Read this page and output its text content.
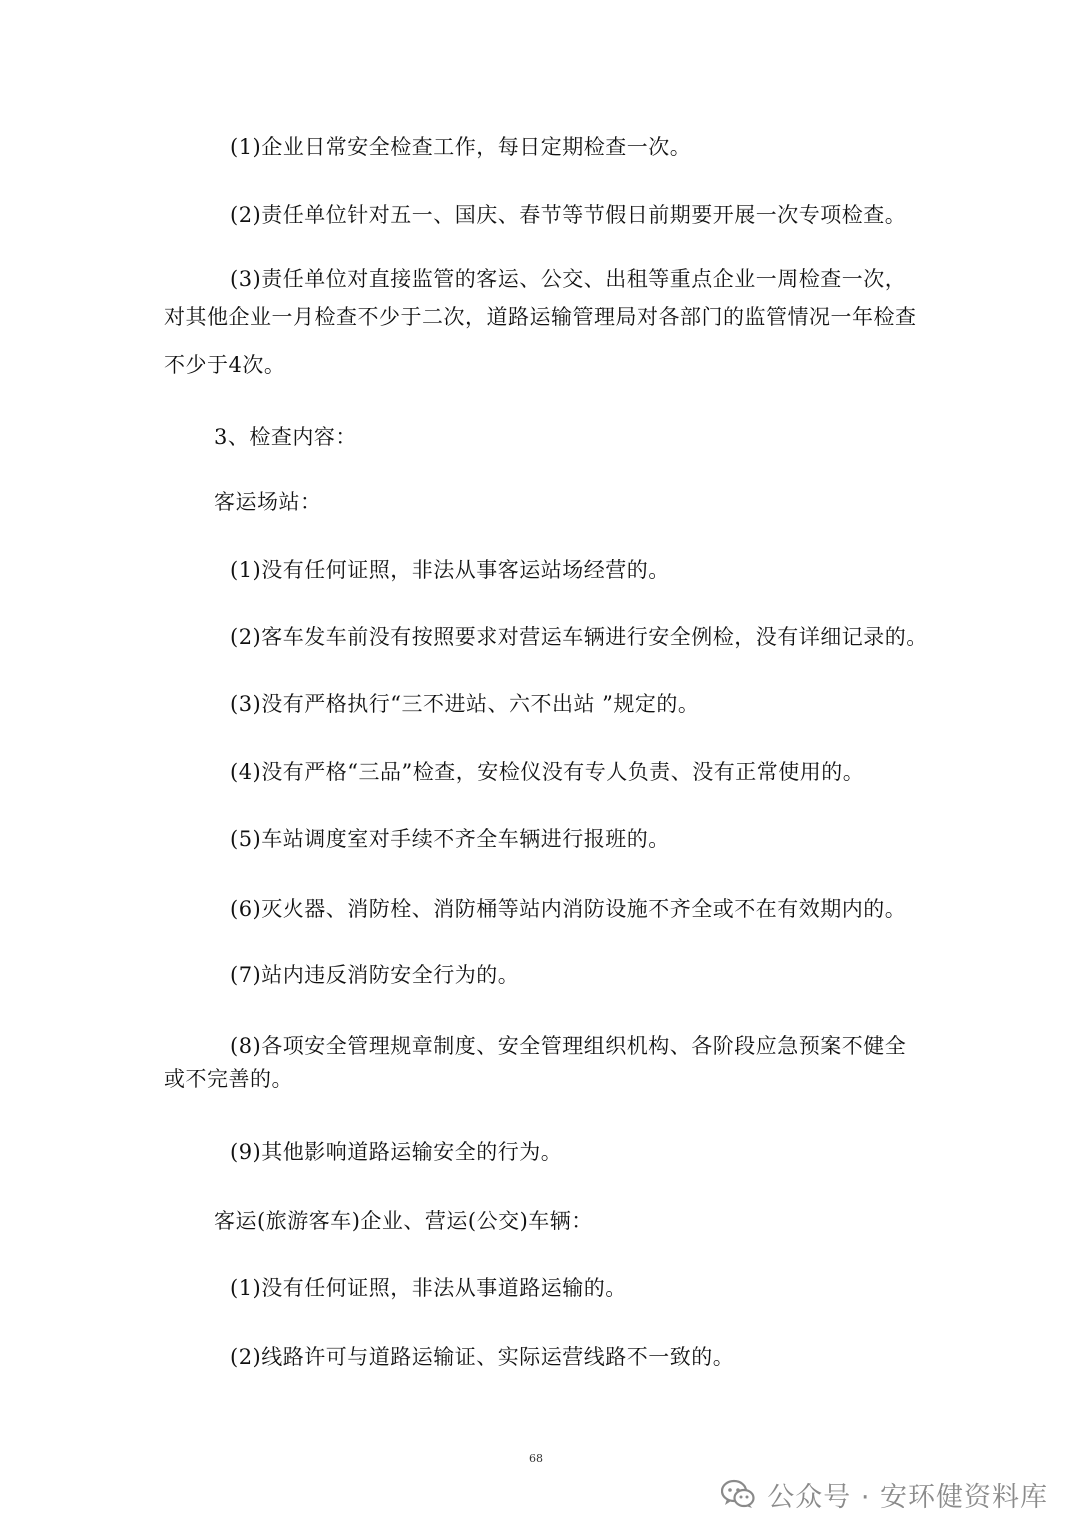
(1)企业日常安全检查工作，每日定期检查一次。
(2)责任单位针对五一、国庆、春节等节假日前期要开展一次专项检查。
(3)责任单位对直接监管的客运、公交、出租等重点企业一周检查一次，
对其他企业一月检查不少于二次，道路运输管理局对各部门的监管情况一年检查
不少于4次。
3、检查内容：
客运场站：
(1)没有任何证照，非法从事客运站场经营的。
(2)客车发车前没有按照要求对营运车辆进行安全例检，没有详细记录的。
(3)没有严格执行“三不进站、六不出站 ”规定的。
(4)没有严格“三品”检查，安检仪没有专人负责、没有正常使用的。
(5)车站调度室对手续不齐全车辆进行报班的。
(6)灭火器、消防栓、消防桶等站内消防设施不齐全或不在有效期内的。
(7)站内违反消防安全行为的。
(8)各项安全管理规章制度、安全管理组织机构、各阶段应急预案不健全
或不完善的。
(9)其他影响道路运输安全的行为。
客运(旅游客车)企业、营运(公交)车辆：
(1)没有任何证照，非法从事道路运输的。
(2)线路许可与道路运输证、实际运营线路不一致的。
68
公众号 · 安环健资料库
